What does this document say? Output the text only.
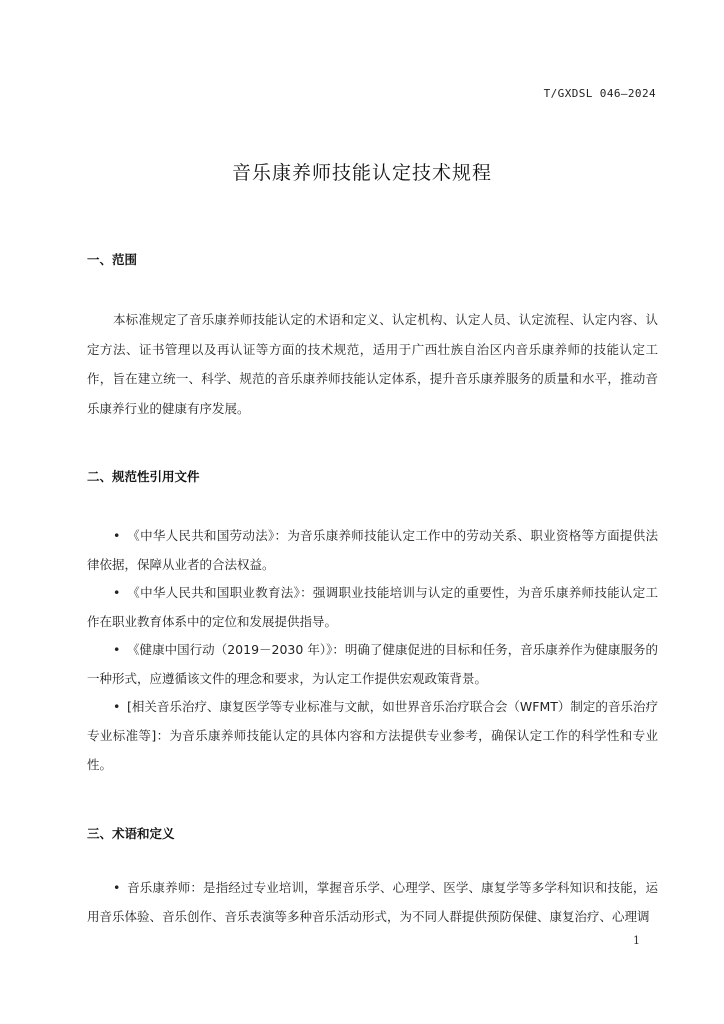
T/GXDSL 046—2024
音乐康养师技能认定技术规程
一、范围
本标准规定了音乐康养师技能认定的术语和定义、认定机构、认定人员、认定流程、认定内容、认定方法、证书管理以及再认证等方面的技术规范，适用于广西壮族自治区内音乐康养师的技能认定工作，旨在建立统一、科学、规范的音乐康养师技能认定体系，提升音乐康养服务的质量和水平，推动音乐康养行业的健康有序发展。
二、规范性引用文件
• 《中华人民共和国劳动法》：为音乐康养师技能认定工作中的劳动关系、职业资格等方面提供法律依据，保障从业者的合法权益。
• 《中华人民共和国职业教育法》：强调职业技能培训与认定的重要性，为音乐康养师技能认定工作在职业教育体系中的定位和发展提供指导。
• 《健康中国行动（2019－2030 年）》：明确了健康促进的目标和任务，音乐康养作为健康服务的一种形式，应遵循该文件的理念和要求，为认定工作提供宏观政策背景。
• [相关音乐治疗、康复医学等专业标准与文献，如世界音乐治疗联合会（WFMT）制定的音乐治疗专业标准等]：为音乐康养师技能认定的具体内容和方法提供专业参考，确保认定工作的科学性和专业性。
三、术语和定义
• 音乐康养师：是指经过专业培训，掌握音乐学、心理学、医学、康复学等多学科知识和技能，运用音乐体验、音乐创作、音乐表演等多种音乐活动形式，为不同人群提供预防保健、康复治疗、心理调
1
